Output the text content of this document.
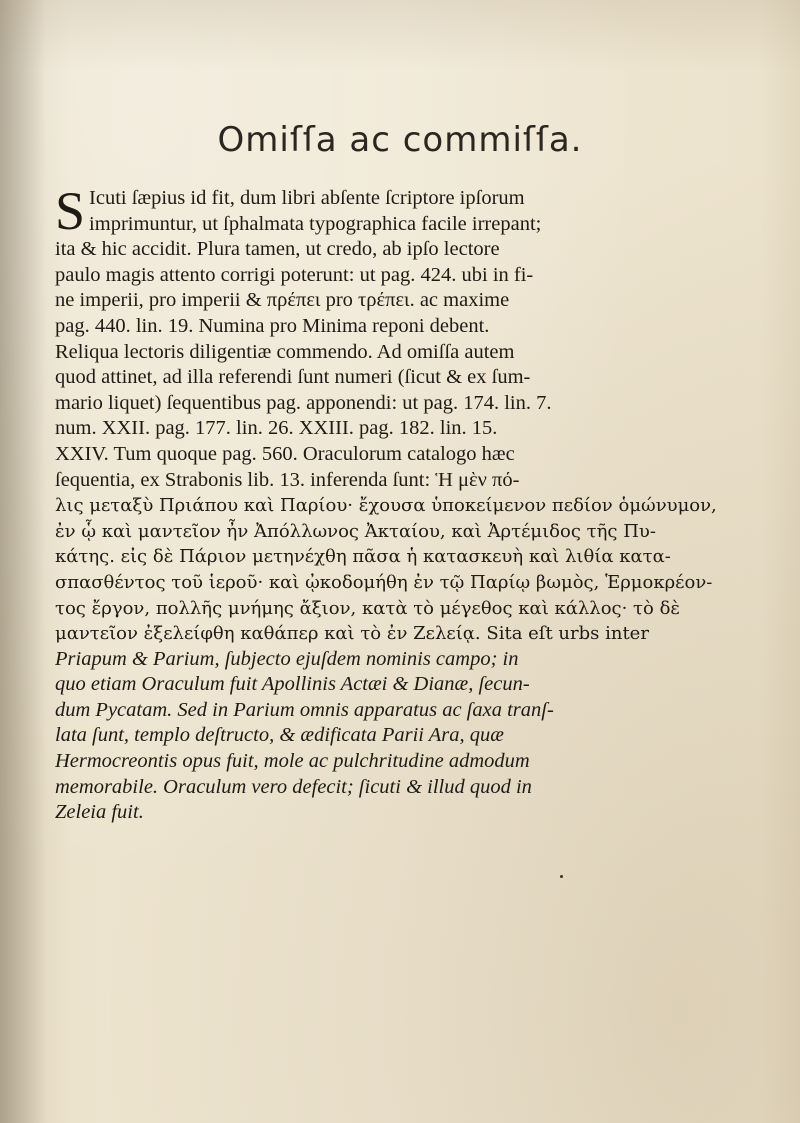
Omiſſa ac commiſſa.
S Icuti ſæpius id fit, dum libri abſente ſcriptore ipſorum
imprimuntur, ut ſphalmata typographica facile irrepant;
ita & hic accidit. Plura tamen, ut credo, ab ipſo lectore
paulo magis attento corrigi poterunt: ut pag. 424. ubi in fi-
ne imperii, pro imperii & πρέπει pro τρέπει. ac maxime
pag. 440. lin. 19. Numina pro Minima reponi debent.
Reliqua lectoris diligentiæ commendo. Ad omiſſa autem
quod attinet, ad illa referendi ſunt numeri (ſicut & ex ſum-
mario liquet) ſequentibus pag. apponendi: ut pag. 174. lin. 7.
num. XXII. pag. 177. lin. 26. XXIII. pag. 182. lin. 15.
XXIV. Tum quoque pag. 560. Oraculorum catalogo hæc
ſequentia, ex Strabonis lib. 13. inferenda ſunt: Ἡ μὲν πό-
λις μεταξὺ Πριάπου καὶ Παρίου· ἔχουσα ὑποκείμενον πεδίον ὁμώνυμον,
ἐν ᾧ καὶ μαντεῖον ἦν Ἀπόλλωνος Ἀκταίου, καὶ Ἀρτέμιδος τῆς Πυ-
κάτης. εἰς δὲ Πάριον μετηνέχθη πᾶσα ἡ κατασκευὴ καὶ λιθία κατα-
σπασθέντος τοῦ ἱεροῦ· καὶ ᾠκοδομήθη ἐν τῷ Παρίῳ βωμὸς, Ἑρμοκρέον-
τος ἔργον, πολλῆς μνήμης ἄξιον, κατὰ τὸ μέγεθος καὶ κάλλος· τὸ δὲ
μαντεῖον ἐξελείφθη καθάπερ καὶ τὸ ἐν Ζελείᾳ. Sita eſt urbs inter
Priapum & Parium, ſubjecto ejuſdem nominis campo; in
quo etiam Oraculum fuit Apollinis Actæi & Dianæ, ſecun-
dum Pycatam. Sed in Parium omnis apparatus ac ſaxa tranſ-
lata ſunt, templo deſtructo, & ædificata Parii Ara, quæ
Hermocreontis opus fuit, mole ac pulchritudine admodum
memorabile. Oraculum vero defecit; ſicuti & illud quod in
Zeleia fuit.
